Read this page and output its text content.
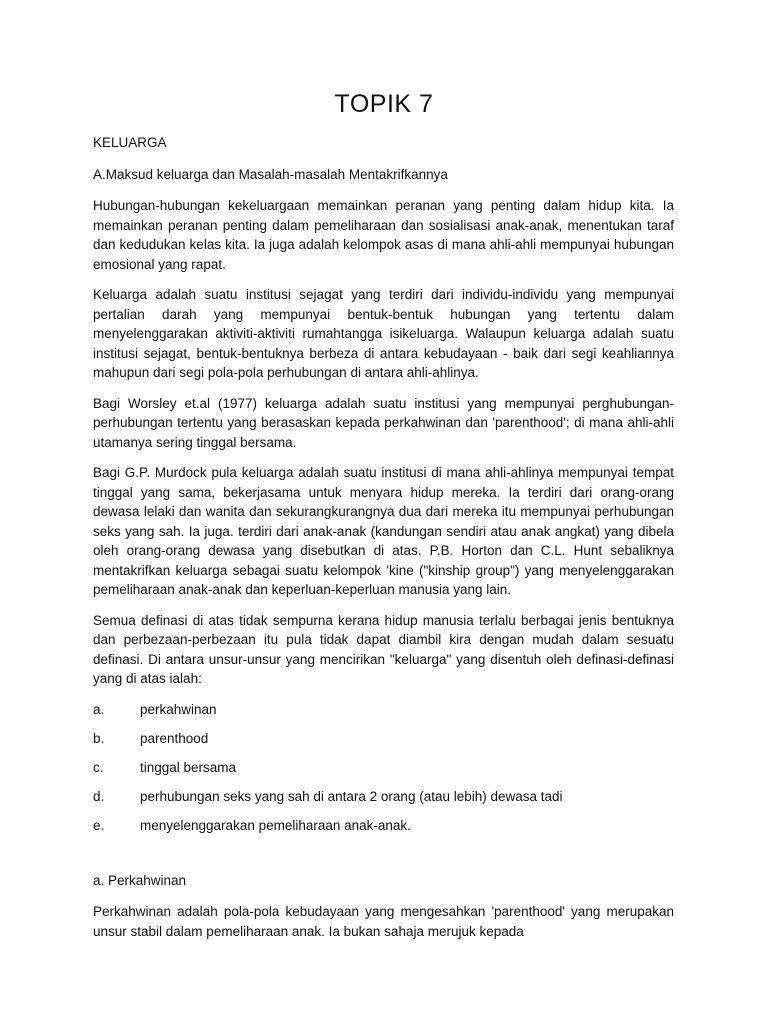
TOPIK 7

KELUARGA

A.Maksud keluarga dan Masalah-masalah Mentakrifkannya

Hubungan-hubungan kekeluargaan memainkan peranan yang penting dalam hidup kita. Ia memainkan peranan penting dalam pemeliharaan dan sosialisasi anak-anak, menentukan taraf dan kedudukan kelas kita. Ia juga adalah kelompok asas di mana ahli-ahli mempunyai hubungan emosional yang rapat.

Keluarga adalah suatu institusi sejagat yang terdiri dari individu-individu yang mempunyai pertalian darah yang mempunyai bentuk-bentuk hubungan yang tertentu dalam menyelenggarakan aktiviti-aktiviti rumahtangga isikeluarga. Walaupun keluarga adalah suatu institusi sejagat, bentuk-bentuknya berbeza di antara kebudayaan - baik dari segi keahliannya mahupun dari segi pola-pola perhubungan di antara ahli-ahlinya.

Bagi Worsley et.al (1977) keluarga adalah suatu institusi yang mempunyai perghubungan-perhubungan tertentu yang berasaskan kepada perkahwinan dan 'parenthood'; di mana ahli-ahli utamanya sering tinggal bersama.

Bagi G.P. Murdock pula keluarga adalah suatu institusi di mana ahli-ahlinya mempunyai tempat tinggal yang sama, bekerjasama untuk menyara hidup mereka. Ia terdiri dari orang-orang dewasa lelaki dan wanita dan sekurangkurangnya dua dari mereka itu mempunyai perhubungan seks yang sah. Ia juga. terdiri dari anak-anak (kandungan sendiri atau anak angkat) yang dibela oleh orang-orang dewasa yang disebutkan di atas. P.B. Horton dan C.L. Hunt sebaliknya mentakrifkan keluarga sebagai suatu kelompok 'kine ("kinship group") yang menyelenggarakan pemeliharaan anak-anak dan keperluan-keperluan manusia yang lain.

Semua definasi di atas tidak sempurna kerana hidup manusia terlalu berbagai jenis bentuknya dan perbezaan-perbezaan itu pula tidak dapat diambil kira dengan mudah dalam sesuatu definasi. Di antara unsur-unsur yang mencirikan "keluarga" yang disentuh oleh definasi-definasi yang di atas ialah:

a.	perkahwinan
b.	parenthood
c.	tinggal bersama
d.	perhubungan seks yang sah di antara 2 orang (atau lebih) dewasa tadi
e.	menyelenggarakan pemeliharaan anak-anak.

a. Perkahwinan

Perkahwinan adalah pola-pola kebudayaan yang mengesahkan 'parenthood' yang merupakan unsur stabil dalam pemeliharaan anak. Ia bukan sahaja merujuk kepada
